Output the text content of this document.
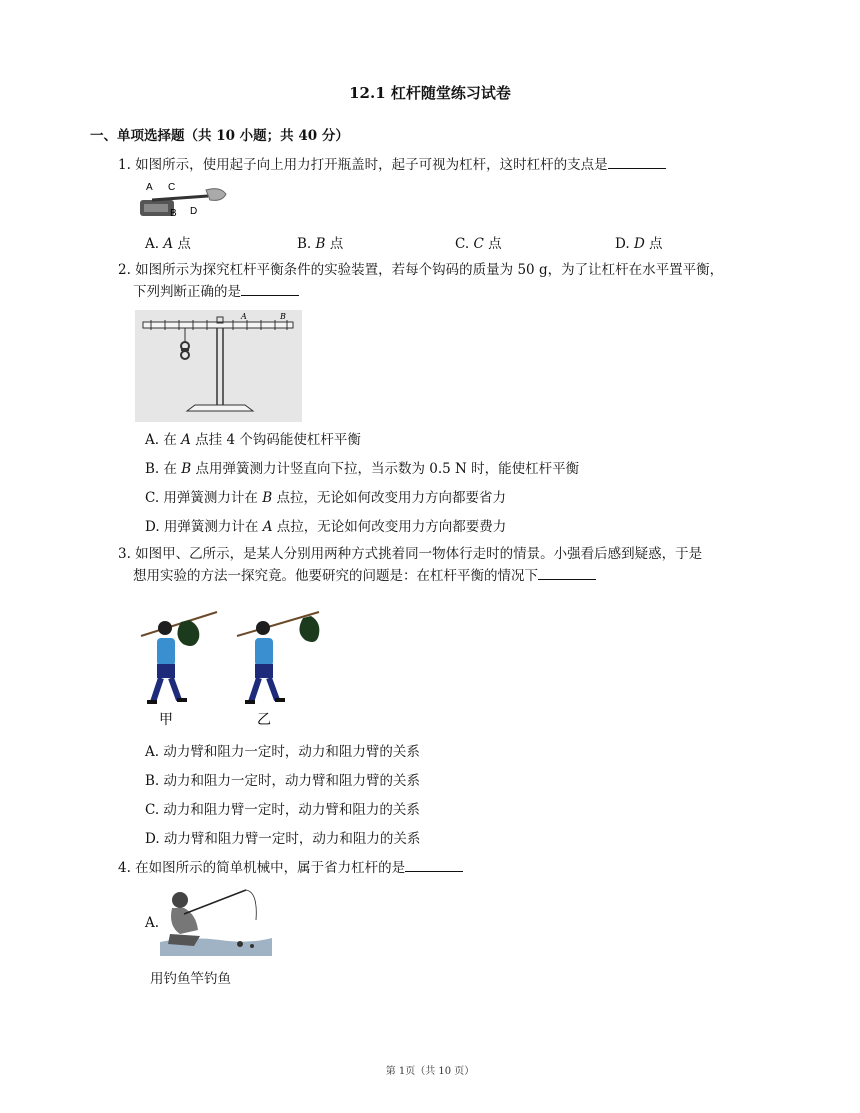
12.1 杠杆随堂练习试卷
一、单项选择题（共 10 小题；共 40 分）
1. 如图所示，使用起子向上用力打开瓶盖时，起子可视为杠杆，这时杠杆的支点是
A C
B D
A. A 点	B. B 点	C. C 点	D. D 点
2. 如图所示为探究杠杆平衡条件的实验装置，若每个钩码的质量为 50 g，为了让杠杆在水平置平衡，
下列判断正确的是
A	B
A. 在 A 点挂 4 个钩码能使杠杆平衡
B. 在 B 点用弹簧测力计竖直向下拉，当示数为 0.5 N 时，能使杠杆平衡
C. 用弹簧测力计在 B 点拉，无论如何改变用力方向都要省力
D. 用弹簧测力计在 A 点拉，无论如何改变用力方向都要费力
3. 如图甲、乙所示，是某人分别用两种方式挑着同一物体行走时的情景。小强看后感到疑惑，于是
想用实验的方法一探究竟。他要研究的问题是：在杠杆平衡的情况下
甲	乙
A. 动力臂和阻力一定时，动力和阻力臂的关系
B. 动力和阻力一定时，动力臂和阻力臂的关系
C. 动力和阻力臂一定时，动力臂和阻力的关系
D. 动力臂和阻力臂一定时，动力和阻力的关系
4. 在如图所示的简单机械中，属于省力杠杆的是
A.
用钓鱼竿钓鱼
第 1页（共 10 页）
